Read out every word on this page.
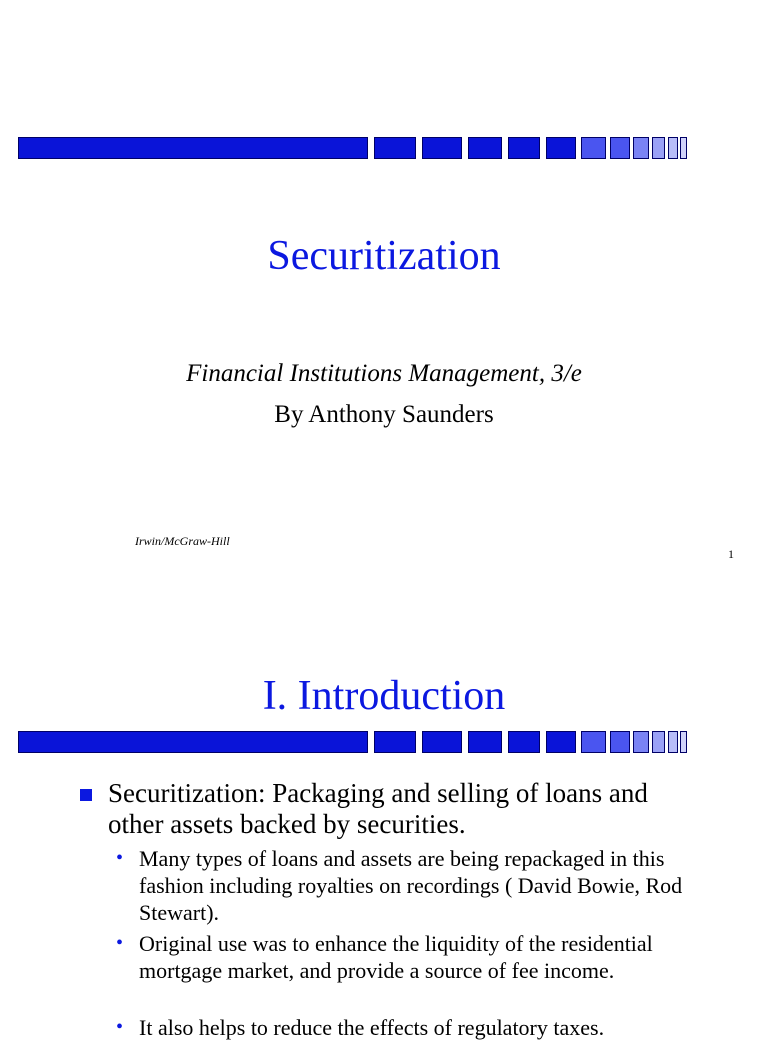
Securitization
Financial Institutions Management, 3/e
By Anthony Saunders
Irwin/McGraw-Hill
1
I. Introduction
Securitization: Packaging and selling of loans and other assets backed by securities.
• Many types of loans and assets are being repackaged in this fashion including royalties on recordings ( David Bowie, Rod Stewart).
• Original use was to enhance the liquidity of the residential mortgage market, and provide a source of fee income.
• It also helps to reduce the effects of regulatory taxes.
